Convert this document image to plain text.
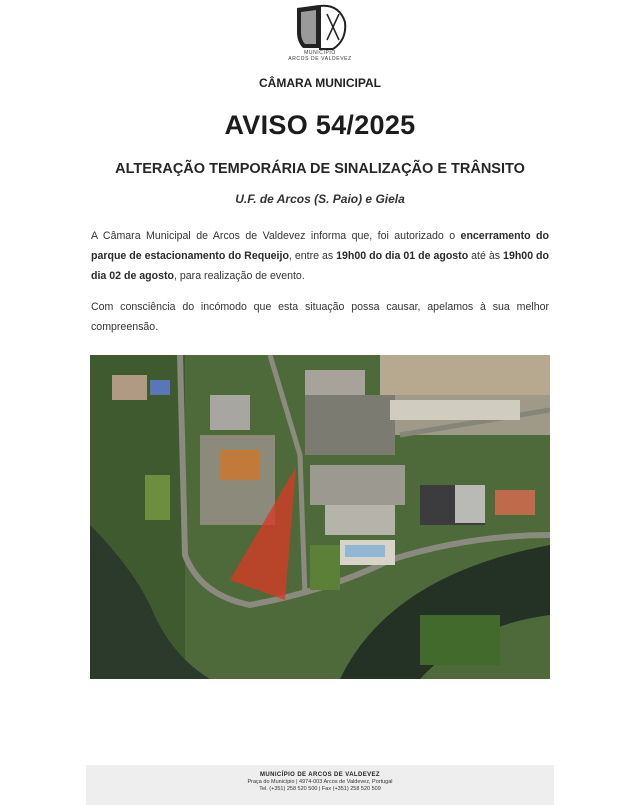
MUNICÍPIO
ARCOS DE VALDEVEZ
CÂMARA MUNICIPAL
AVISO 54/2025
ALTERAÇÃO TEMPORÁRIA DE SINALIZAÇÃO E TRÂNSITO
U.F. de Arcos (S. Paio) e Giela
A Câmara Municipal de Arcos de Valdevez informa que, foi autorizado o encerramento do parque de estacionamento do Requeijo, entre as 19h00 do dia 01 de agosto até às 19h00 do dia 02 de agosto, para realização de evento.
Com consciência do incómodo que esta situação possa causar, apelamos à sua melhor compreensão.
MUNICÍPIO DE ARCOS DE VALDEVEZ
Praça do Município | 4974-003 Arcos de Valdevez, Portugal
Tel. (+351) 258 520 500 | Fax (+351) 258 520 509
